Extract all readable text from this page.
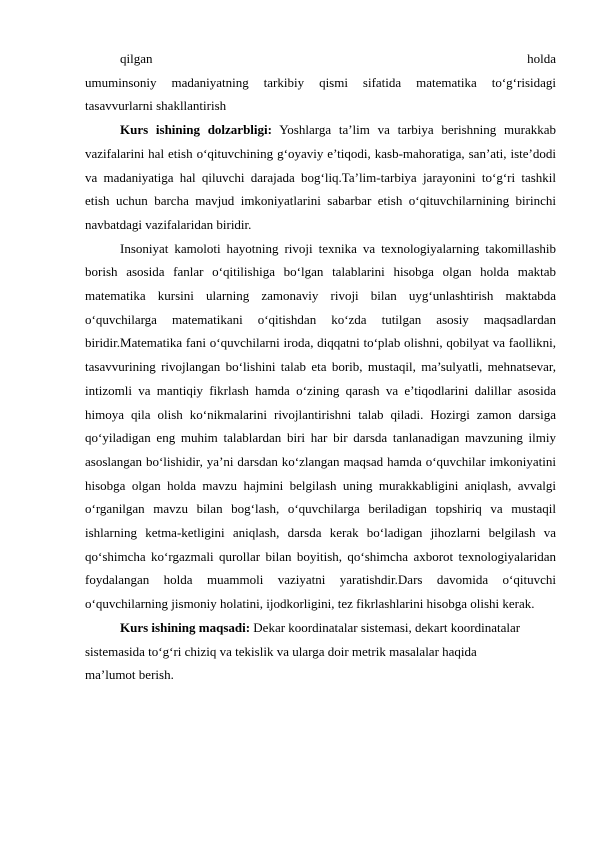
qilgan	holda

umuminsoniy madaniyatning tarkibiy qismi sifatida matematika to‘g‘risidagi tasavvurlarni shakllantirish

Kurs ishining dolzarbligi: Yoshlarga ta’lim va tarbiya berishning murakkab vazifalarini hal etish o‘qituvchining g‘oyaviy e’tiqodi, kasb-mahoratiga, san’ati, iste’dodi va madaniyatiga hal qiluvchi darajada bog‘liq.Ta’lim-tarbiya jarayonini to‘g‘ri tashkil etish uchun barcha mavjud imkoniyatlarini sabarbar etish o‘qituvchilarnining birinchi navbatdagi vazifalaridan biridir.

Insoniyat kamoloti hayotning rivoji texnika va texnologiyalarning takomillashib borish asosida fanlar o‘qitilishiga bo‘lgan talablarini hisobga olgan holda maktab matematika kursini ularning zamonaviy rivoji bilan uyg‘unlashtirish maktabda o‘quvchilarga matematikani o‘qitishdan ko‘zda tutilgan asosiy maqsadlardan biridir.Matematika fani o‘quvchilarni iroda, diqqatni to‘plab olishni, qobilyat va faollikni, tasavvurining rivojlangan bo‘lishini talab eta borib, mustaqil, ma’sulyatli, mehnatsevar, intizomli va mantiqiy fikrlash hamda o‘zining qarash va e’tiqodlarini dalillar asosida himoya qila olish ko‘nikmalarini rivojlantirishni talab qiladi. Hozirgi zamon darsiga qo‘yiladigan eng muhim talablardan biri har bir darsda tanlanadigan mavzuning ilmiy asoslangan bo‘lishidir, ya’ni darsdan ko‘zlangan maqsad hamda o‘quvchilar imkoniyatini hisobga olgan holda mavzu hajmini belgilash uning murakkabligini aniqlash, avvalgi o‘rganilgan mavzu bilan bog‘lash, o‘quvchilarga beriladigan topshiriq va mustaqil ishlarning ketma-ketligini aniqlash, darsda kerak bo‘ladigan jihozlarni belgilash va qo‘shimcha ko‘rgazmali qurollar bilan boyitish, qo‘shimcha axborot texnologiyalaridan foydalangan holda muammoli vaziyatni yaratishdir.Dars davomida o‘qituvchi o‘quvchilarning jismoniy holatini, ijodkorligini, tez fikrlashlarini hisobga olishi kerak.

Kurs ishining maqsadi: Dekar koordinatalar sistemasi, dekart koordinatalar
sistemasida to‘g‘ri chiziq va tekislik va ularga doir metrik masalalar haqida
ma’lumot berish.
